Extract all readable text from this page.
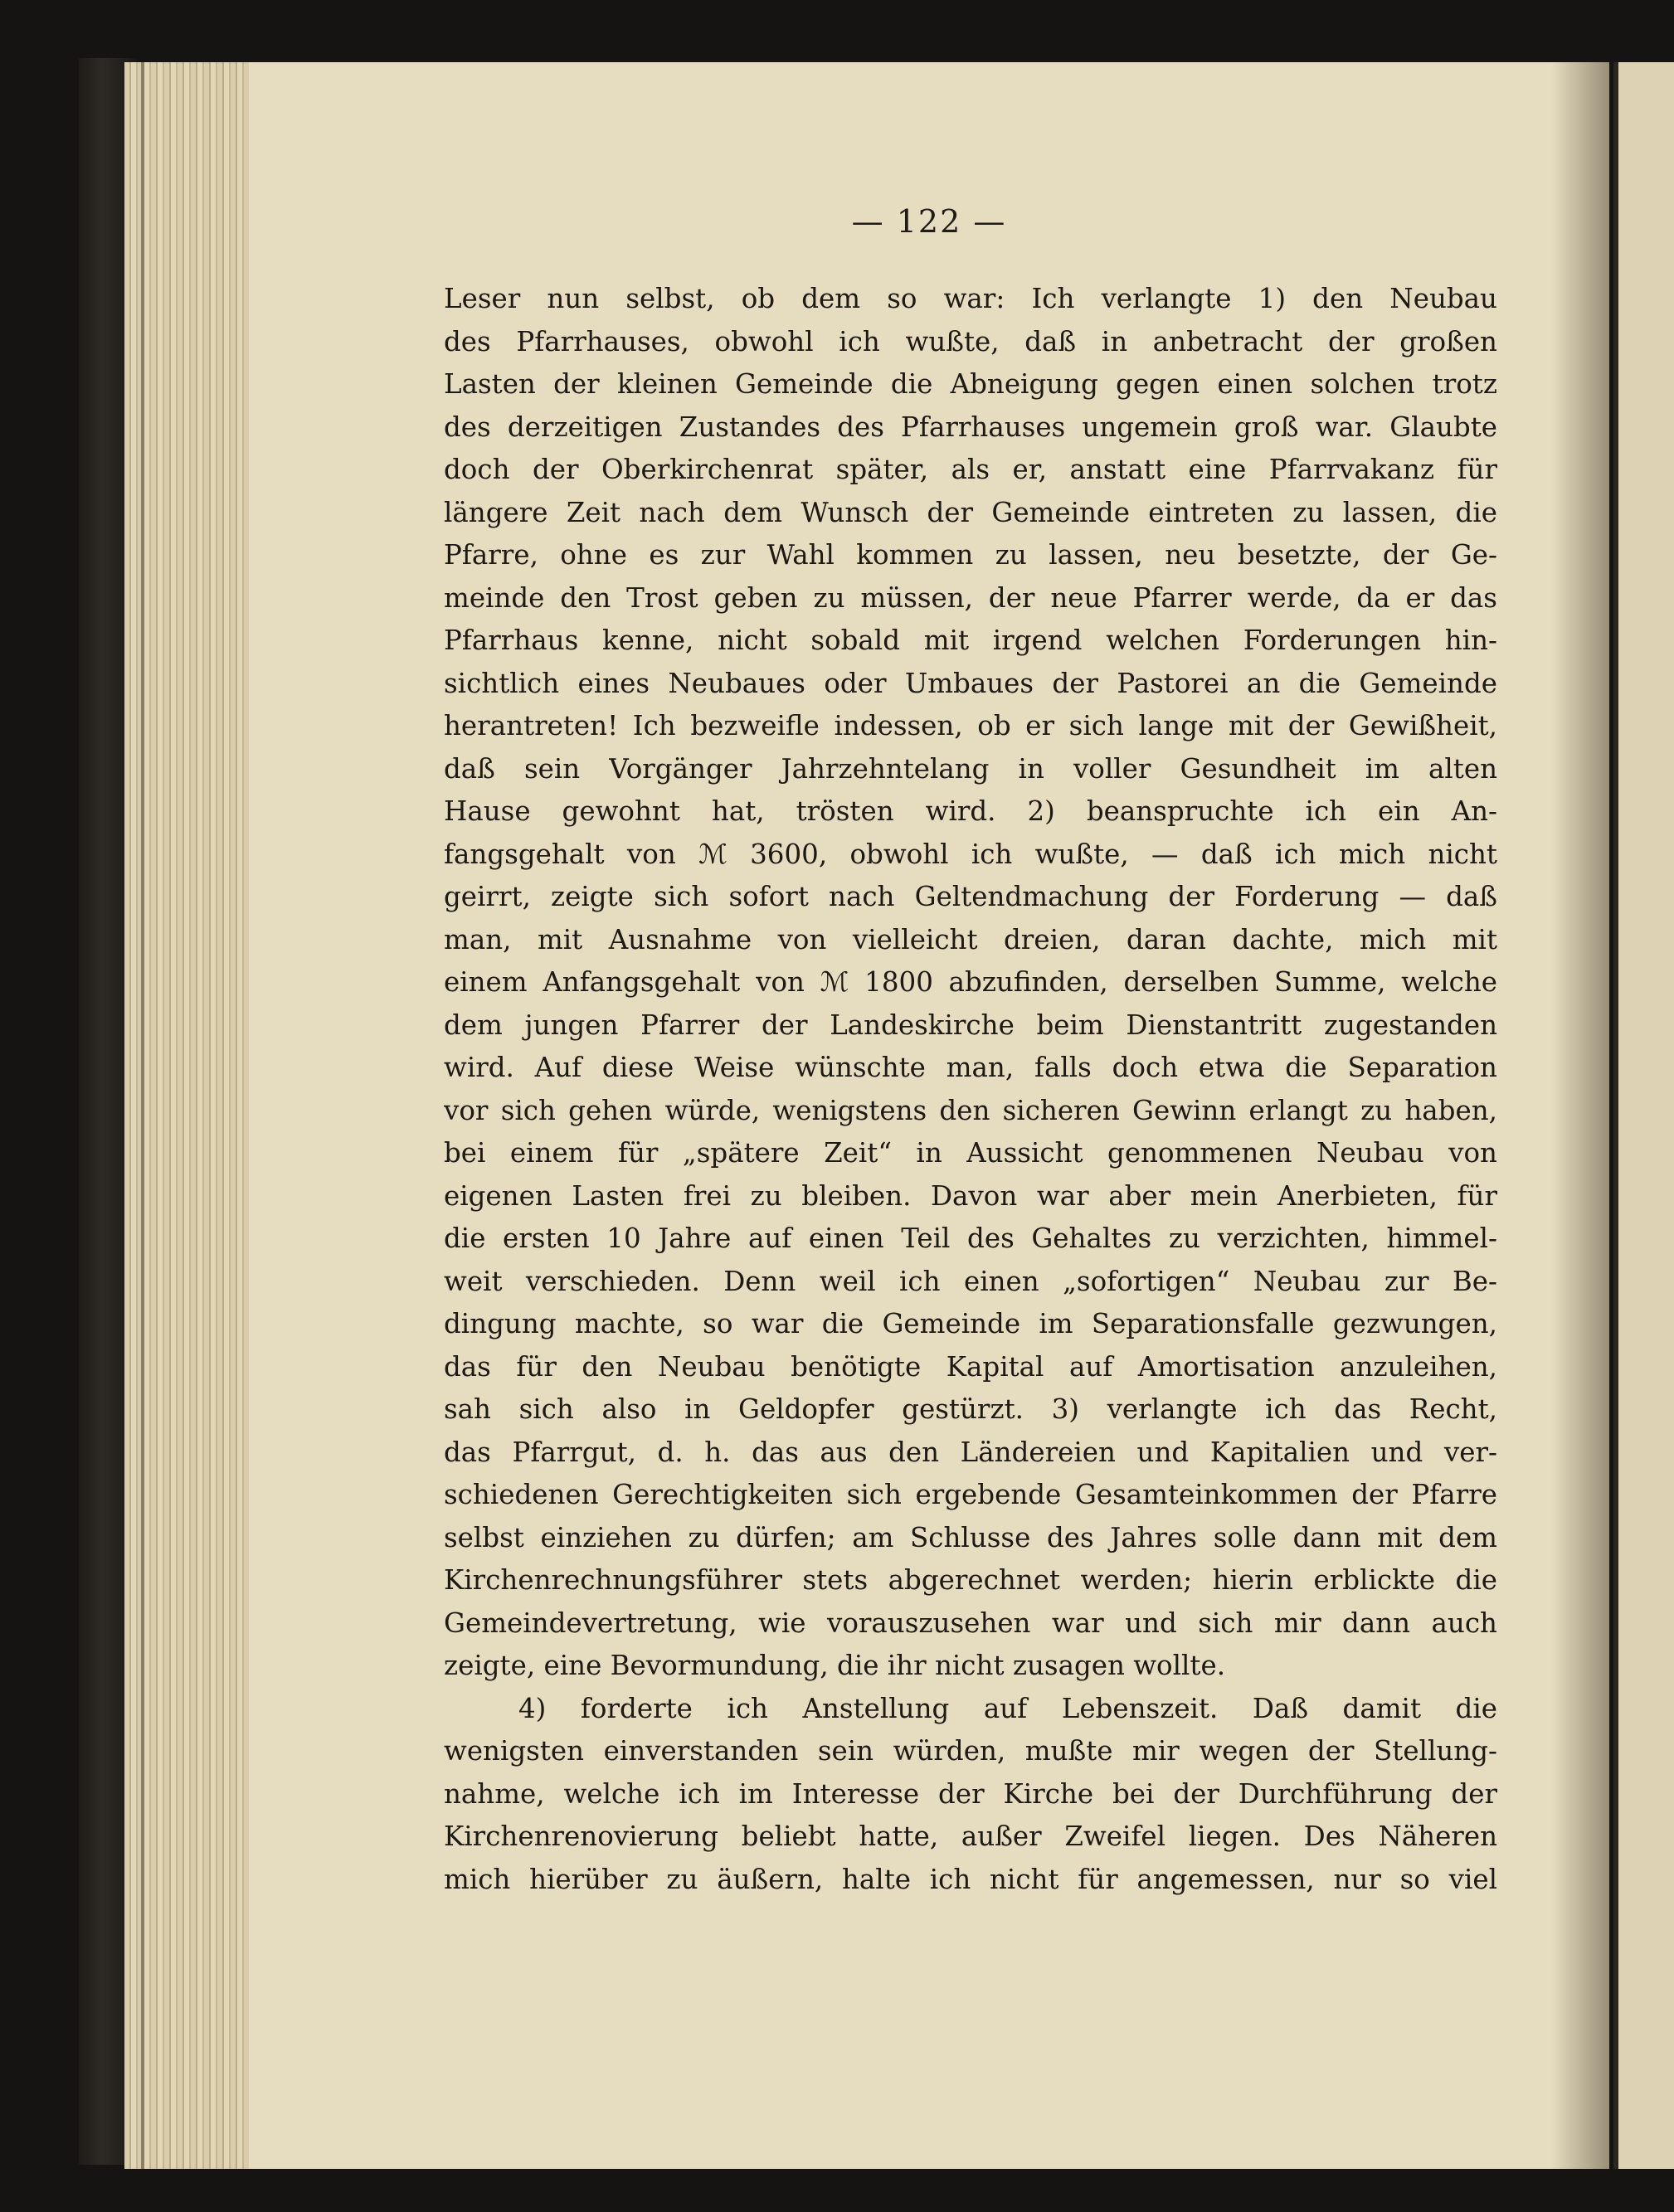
— 122 —
Leser nun selbst, ob dem so war: Ich verlangte 1) den Neubau
des Pfarrhauses, obwohl ich wußte, daß in anbetracht der großen
Lasten der kleinen Gemeinde die Abneigung gegen einen solchen trotz
des derzeitigen Zustandes des Pfarrhauses ungemein groß war. Glaubte
doch der Oberkirchenrat später, als er, anstatt eine Pfarrvakanz für
längere Zeit nach dem Wunsch der Gemeinde eintreten zu lassen, die
Pfarre, ohne es zur Wahl kommen zu lassen, neu besetzte, der Ge-
meinde den Trost geben zu müssen, der neue Pfarrer werde, da er das
Pfarrhaus kenne, nicht sobald mit irgend welchen Forderungen hin-
sichtlich eines Neubaues oder Umbaues der Pastorei an die Gemeinde
herantreten! Ich bezweifle indessen, ob er sich lange mit der Gewißheit,
daß sein Vorgänger Jahrzehntelang in voller Gesundheit im alten
Hause gewohnt hat, trösten wird. 2) beanspruchte ich ein An-
fangsgehalt von ℳ 3600, obwohl ich wußte, — daß ich mich nicht
geirrt, zeigte sich sofort nach Geltendmachung der Forderung — daß
man, mit Ausnahme von vielleicht dreien, daran dachte, mich mit
einem Anfangsgehalt von ℳ 1800 abzufinden, derselben Summe, welche
dem jungen Pfarrer der Landeskirche beim Dienstantritt zugestanden
wird. Auf diese Weise wünschte man, falls doch etwa die Separation
vor sich gehen würde, wenigstens den sicheren Gewinn erlangt zu haben,
bei einem für „spätere Zeit“ in Aussicht genommenen Neubau von
eigenen Lasten frei zu bleiben. Davon war aber mein Anerbieten, für
die ersten 10 Jahre auf einen Teil des Gehaltes zu verzichten, himmel-
weit verschieden. Denn weil ich einen „sofortigen“ Neubau zur Be-
dingung machte, so war die Gemeinde im Separationsfalle gezwungen,
das für den Neubau benötigte Kapital auf Amortisation anzuleihen,
sah sich also in Geldopfer gestürzt. 3) verlangte ich das Recht,
das Pfarrgut, d. h. das aus den Ländereien und Kapitalien und ver-
schiedenen Gerechtigkeiten sich ergebende Gesamteinkommen der Pfarre
selbst einziehen zu dürfen; am Schlusse des Jahres solle dann mit dem
Kirchenrechnungsführer stets abgerechnet werden; hierin erblickte die
Gemeindevertretung, wie vorauszusehen war und sich mir dann auch
zeigte, eine Bevormundung, die ihr nicht zusagen wollte.
4) forderte ich Anstellung auf Lebenszeit. Daß damit die
wenigsten einverstanden sein würden, mußte mir wegen der Stellung-
nahme, welche ich im Interesse der Kirche bei der Durchführung der
Kirchenrenovierung beliebt hatte, außer Zweifel liegen. Des Näheren
mich hierüber zu äußern, halte ich nicht für angemessen, nur so viel
